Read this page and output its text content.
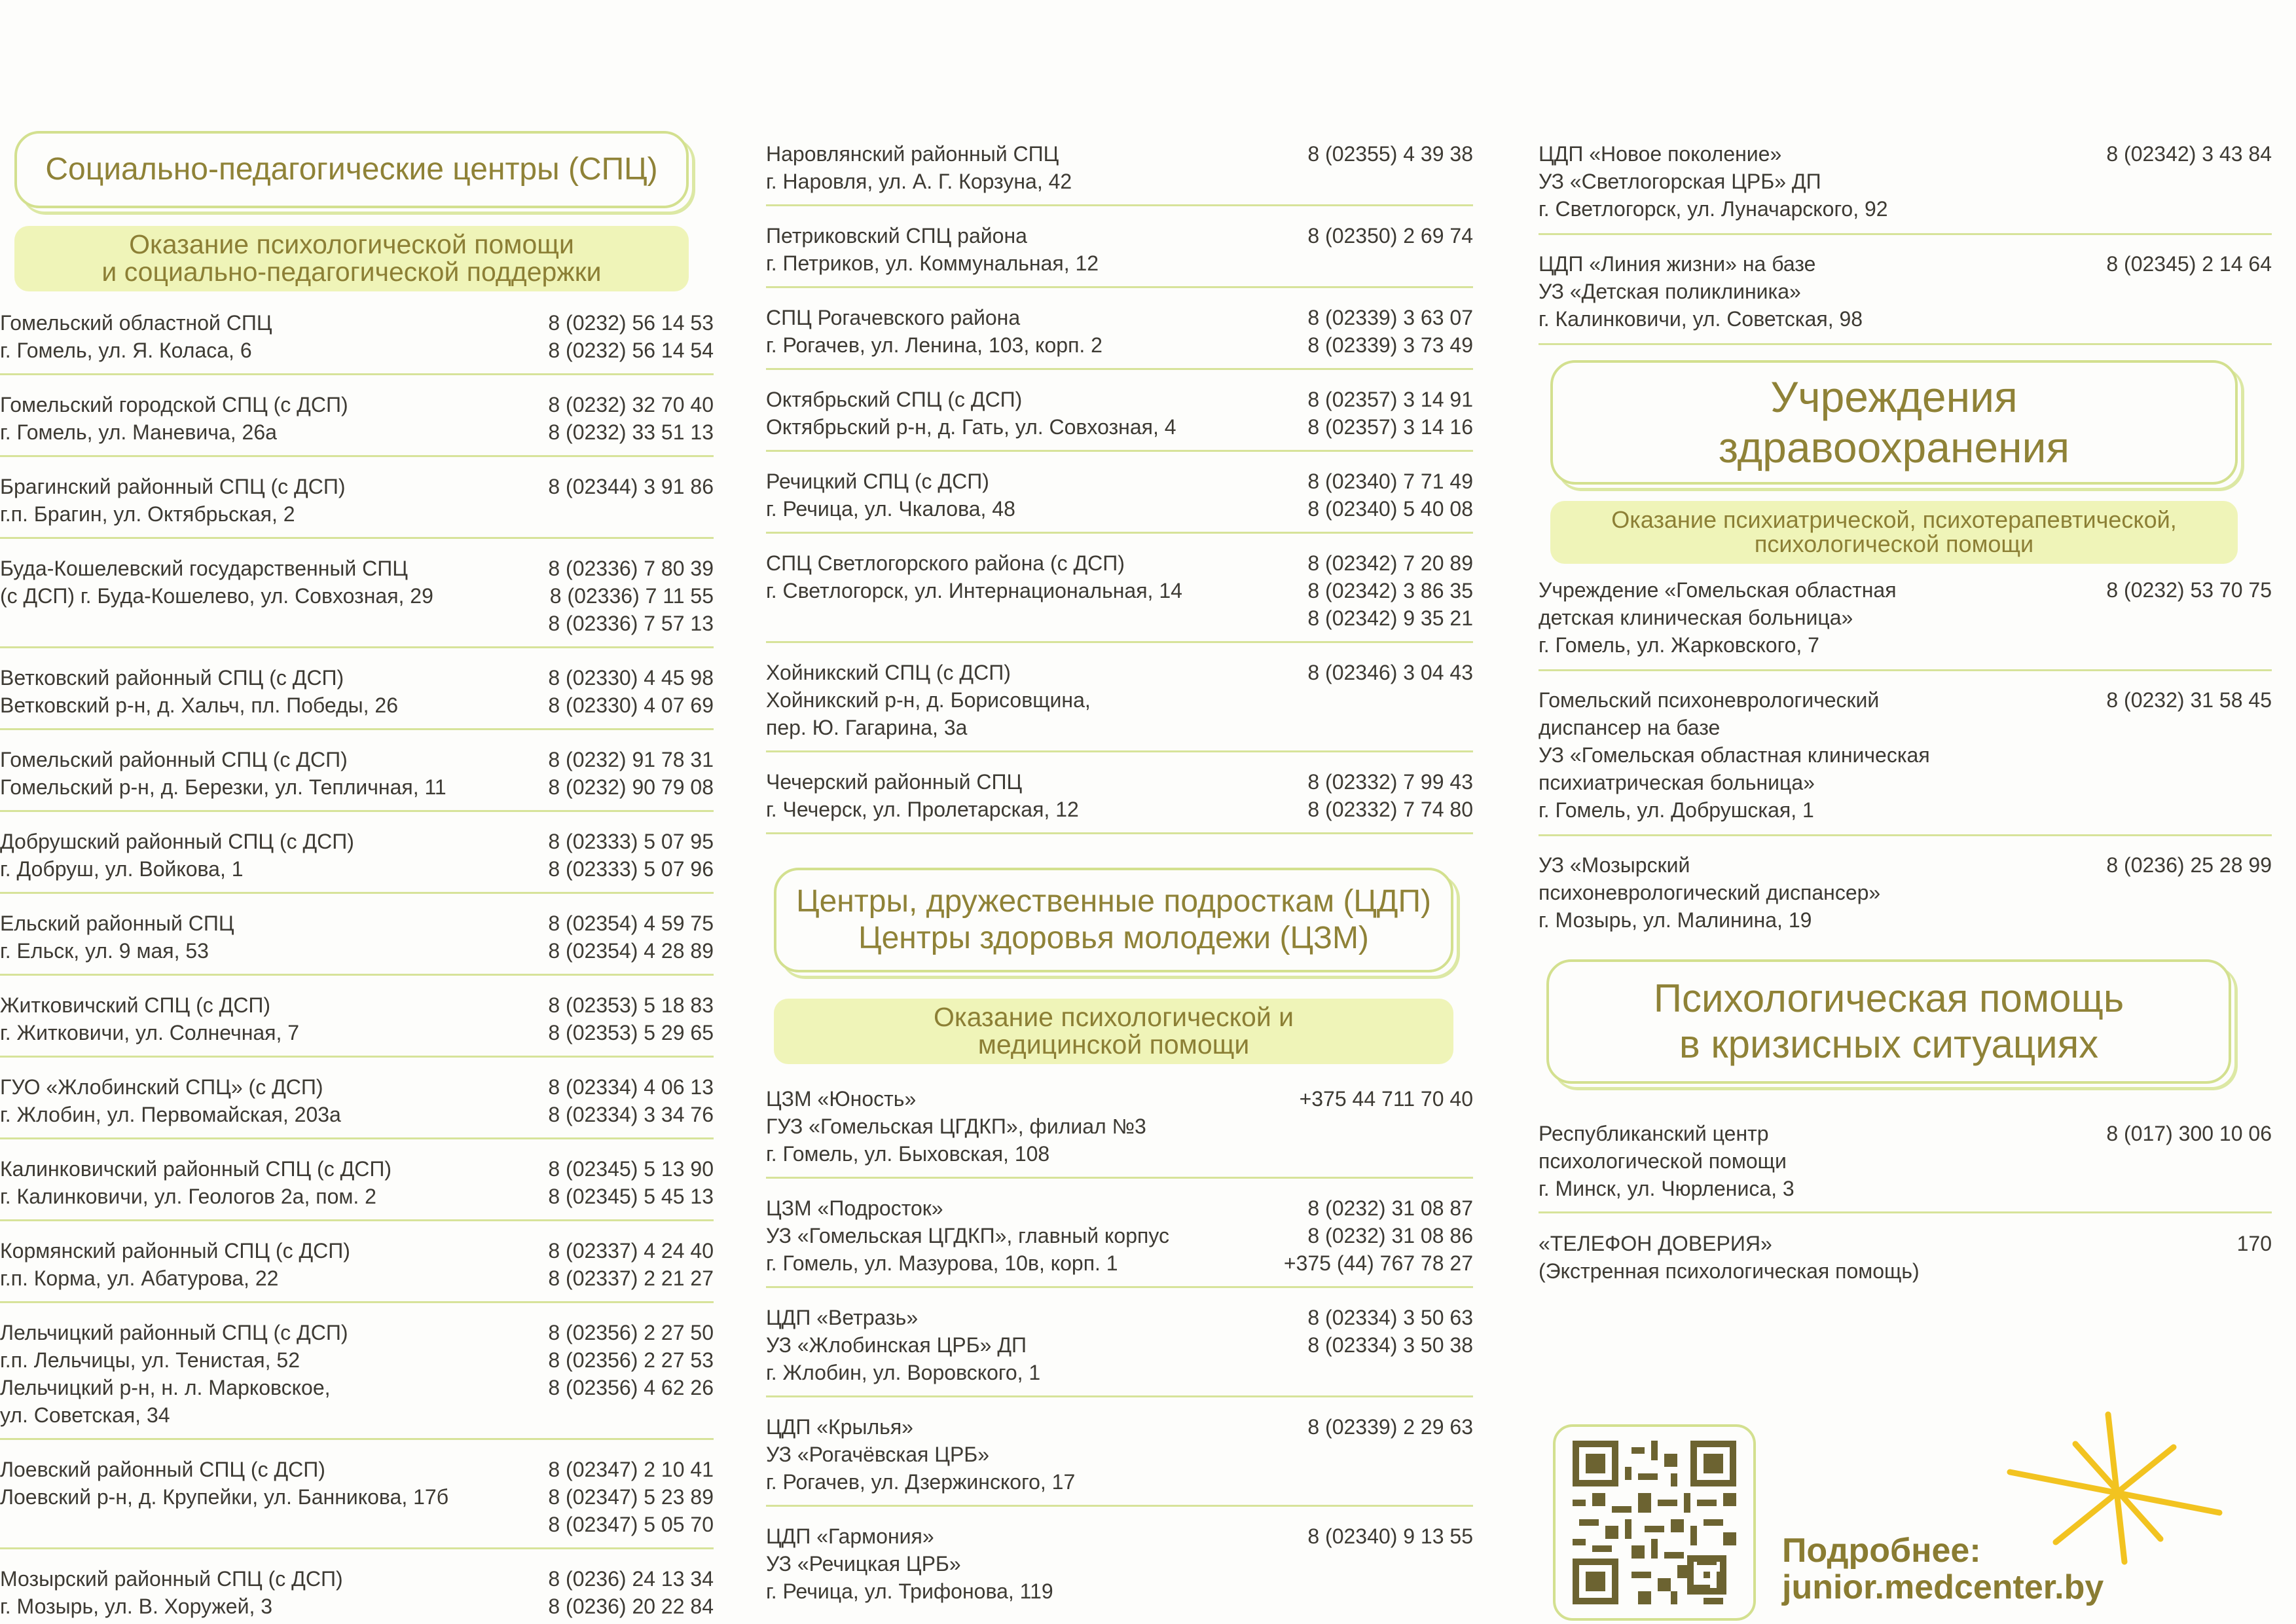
Социально-педагогические центры (СПЦ)
Оказание психологической помощи
и социально-педагогической поддержки
Гомельский областной СПЦ
г. Гомель, ул. Я. Коласа, 6
8 (0232) 56 14 53
8 (0232) 56 14 54
Гомельский городской СПЦ (с ДСП)
г. Гомель, ул. Маневича, 26а
8 (0232) 32 70 40
8 (0232) 33 51 13
Брагинский районный СПЦ (с ДСП)
г.п. Брагин, ул. Октябрьская, 2
8 (02344) 3 91 86
Буда-Кошелевский государственный СПЦ
(с ДСП) г. Буда-Кошелево, ул. Совхозная, 29
8 (02336) 7 80 39
8 (02336) 7 11 55
8 (02336) 7 57 13
Ветковский районный СПЦ (с ДСП)
Ветковский р-н, д. Хальч, пл. Победы, 26
8 (02330) 4 45 98
8 (02330) 4 07 69
Гомельский районный СПЦ (с ДСП)
Гомельский р-н, д. Березки, ул. Тепличная, 11
8 (0232) 91 78 31
8 (0232) 90 79 08
Добрушский районный СПЦ (с ДСП)
г. Добруш, ул. Войкова, 1
8 (02333) 5 07 95
8 (02333) 5 07 96
Ельский районный СПЦ
г. Ельск, ул. 9 мая, 53
8 (02354) 4 59 75
8 (02354) 4 28 89
Житковичский СПЦ (с ДСП)
г. Житковичи, ул. Солнечная, 7
8 (02353) 5 18 83
8 (02353) 5 29 65
ГУО «Жлобинский СПЦ» (с ДСП)
г. Жлобин, ул. Первомайская, 203а
8 (02334) 4 06 13
8 (02334) 3 34 76
Калинковичский районный СПЦ (с ДСП)
г. Калинковичи, ул. Геологов 2а, пом. 2
8 (02345) 5 13 90
8 (02345) 5 45 13
Кормянский районный СПЦ (с ДСП)
г.п. Корма, ул. Абатурова, 22
8 (02337) 4 24 40
8 (02337) 2 21 27
Лельчицкий районный СПЦ (с ДСП)
г.п. Лельчицы, ул. Тенистая, 52
Лельчицкий р-н, н. л. Марковское,
ул. Советская, 34
8 (02356) 2 27 50
8 (02356) 2 27 53
8 (02356) 4 62 26
Лоевский районный СПЦ (с ДСП)
Лоевский р-н, д. Крупейки, ул. Банникова, 17б
8 (02347) 2 10 41
8 (02347) 5 23 89
8 (02347) 5 05 70
Мозырский районный СПЦ (с ДСП)
г. Мозырь, ул. В. Хоружей, 3
8 (0236) 24 13 34
8 (0236) 20 22 84
Наровлянский районный СПЦ
г. Наровля, ул. А. Г. Корзуна, 42
8 (02355) 4 39 38
Петриковский СПЦ района
г. Петриков, ул. Коммунальная, 12
8 (02350) 2 69 74
СПЦ Рогачевского района
г. Рогачев, ул. Ленина, 103, корп. 2
8 (02339) 3 63 07
8 (02339) 3 73 49
Октябрьский СПЦ (с ДСП)
Октябрьский р-н, д. Гать, ул. Совхозная, 4
8 (02357) 3 14 91
8 (02357) 3 14 16
Речицкий СПЦ (с ДСП)
г. Речица, ул. Чкалова, 48
8 (02340) 7 71 49
8 (02340) 5 40 08
СПЦ Светлогорского района (с ДСП)
г. Светлогорск, ул. Интернациональная, 14
8 (02342) 7 20 89
8 (02342) 3 86 35
8 (02342) 9 35 21
Хойникский СПЦ (с ДСП)
Хойникский р-н, д. Борисовщина,
пер. Ю. Гагарина, 3а
8 (02346) 3 04 43
Чечерский районный СПЦ
г. Чечерск, ул. Пролетарская, 12
8 (02332) 7 99 43
8 (02332) 7 74 80
Центры, дружественные подросткам (ЦДП)
Центры здоровья молодежи (ЦЗМ)
Оказание психологической и
медицинской помощи
ЦЗМ «Юность»
ГУЗ «Гомельская ЦГДКП», филиал №3
г. Гомель, ул. Быховская, 108
+375 44 711 70 40
ЦЗМ «Подросток»
УЗ «Гомельская ЦГДКП», главный корпус
г. Гомель, ул. Мазурова, 10в, корп. 1
8 (0232) 31 08 87
8 (0232) 31 08 86
+375 (44) 767 78 27
ЦДП «Ветразь»
УЗ «Жлобинская ЦРБ» ДП
г. Жлобин, ул. Воровского, 1
8 (02334) 3 50 63
8 (02334) 3 50 38
ЦДП «Крылья»
УЗ «Рогачёвская ЦРБ»
г. Рогачев, ул. Дзержинского, 17
8 (02339) 2 29 63
ЦДП «Гармония»
УЗ «Речицкая ЦРБ»
г. Речица, ул. Трифонова, 119
8 (02340) 9 13 55
ЦДП «Новое поколение»
УЗ «Светлогорская ЦРБ» ДП
г. Светлогорск, ул. Луначарского, 92
8 (02342) 3 43 84
ЦДП «Линия жизни» на базе
УЗ «Детская поликлиника»
г. Калинковичи, ул. Советская, 98
8 (02345) 2 14 64
Учреждения
здравоохранения
Оказание психиатрической, психотерапевтической,
психологической помощи
Учреждение «Гомельская областная
детская клиническая больница»
г. Гомель, ул. Жарковского, 7
8 (0232) 53 70 75
Гомельский психоневрологический
диспансер на базе
УЗ «Гомельская областная клиническая
психиатрическая больница»
г. Гомель, ул. Добрушская, 1
8 (0232) 31 58 45
УЗ «Мозырский
психоневрологический диспансер»
г. Мозырь, ул. Малинина, 19
8 (0236) 25 28 99
Психологическая помощь
в кризисных ситуациях
Республиканский центр
психологической помощи
г. Минск, ул. Чюрлениса, 3
8 (017) 300 10 06
«ТЕЛЕФОН ДОВЕРИЯ»
(Экстренная психологическая помощь)
170
Подробнее:
junior.medcenter.by
